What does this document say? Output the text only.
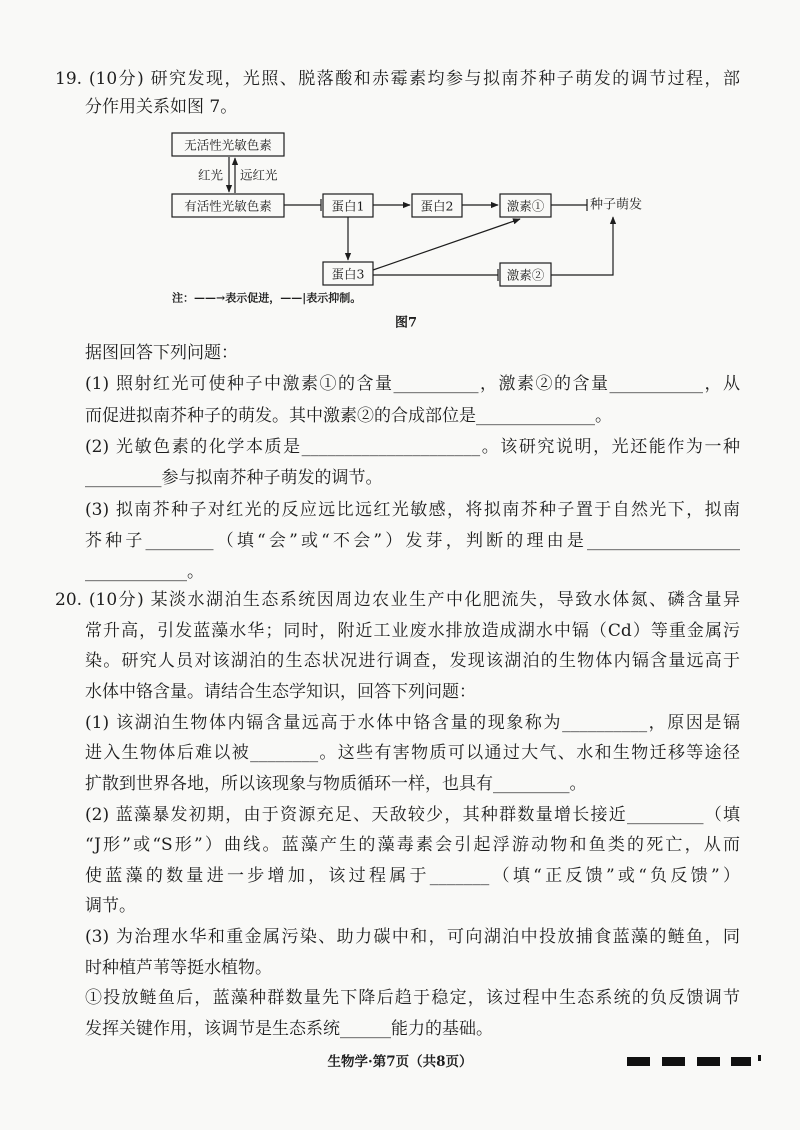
19. (10分) 研究发现，光照、脱落酸和赤霉素均参与拟南芥种子萌发的调节过程，部
分作用关系如图 7。
无活性光敏色素
有活性光敏色素	蛋白1	蛋白2	激素①
蛋白3	激素②
种子萌发
红光 远红光
注：——→表示促进，——|表示抑制。
图7
据图回答下列问题：
(1) 照射红光可使种子中激素①的含量__________，激素②的含量___________，从
而促进拟南芥种子的萌发。其中激素②的合成部位是______________。
(2) 光敏色素的化学本质是_____________________。该研究说明，光还能作为一种
_________参与拟南芥种子萌发的调节。
(3) 拟南芥种子对红光的反应远比远红光敏感，将拟南芥种子置于自然光下，拟南
芥种子________（填“会”或“不会”）发芽，判断的理由是__________________
____________。
20. (10分) 某淡水湖泊生态系统因周边农业生产中化肥流失，导致水体氮、磷含量异
常升高，引发蓝藻水华；同时，附近工业废水排放造成湖水中镉（Cd）等重金属污
染。研究人员对该湖泊的生态状况进行调查，发现该湖泊的生物体内镉含量远高于
水体中铬含量。请结合生态学知识，回答下列问题：
(1) 该湖泊生物体内镉含量远高于水体中铬含量的现象称为__________，原因是镉
进入生物体后难以被________。这些有害物质可以通过大气、水和生物迁移等途径
扩散到世界各地，所以该现象与物质循环一样，也具有_________。
(2) 蓝藻暴发初期，由于资源充足、天敌较少，其种群数量增长接近_________（填
“J形”或“S形”）曲线。蓝藻产生的藻毒素会引起浮游动物和鱼类的死亡，从而
使蓝藻的数量进一步增加，该过程属于_______（填“正反馈”或“负反馈”）
调节。
(3) 为治理水华和重金属污染、助力碳中和，可向湖泊中投放捕食蓝藻的鲢鱼，同
时种植芦苇等挺水植物。
①投放鲢鱼后，蓝藻种群数量先下降后趋于稳定，该过程中生态系统的负反馈调节
发挥关键作用，该调节是生态系统______能力的基础。
生物学·第7页（共8页）
